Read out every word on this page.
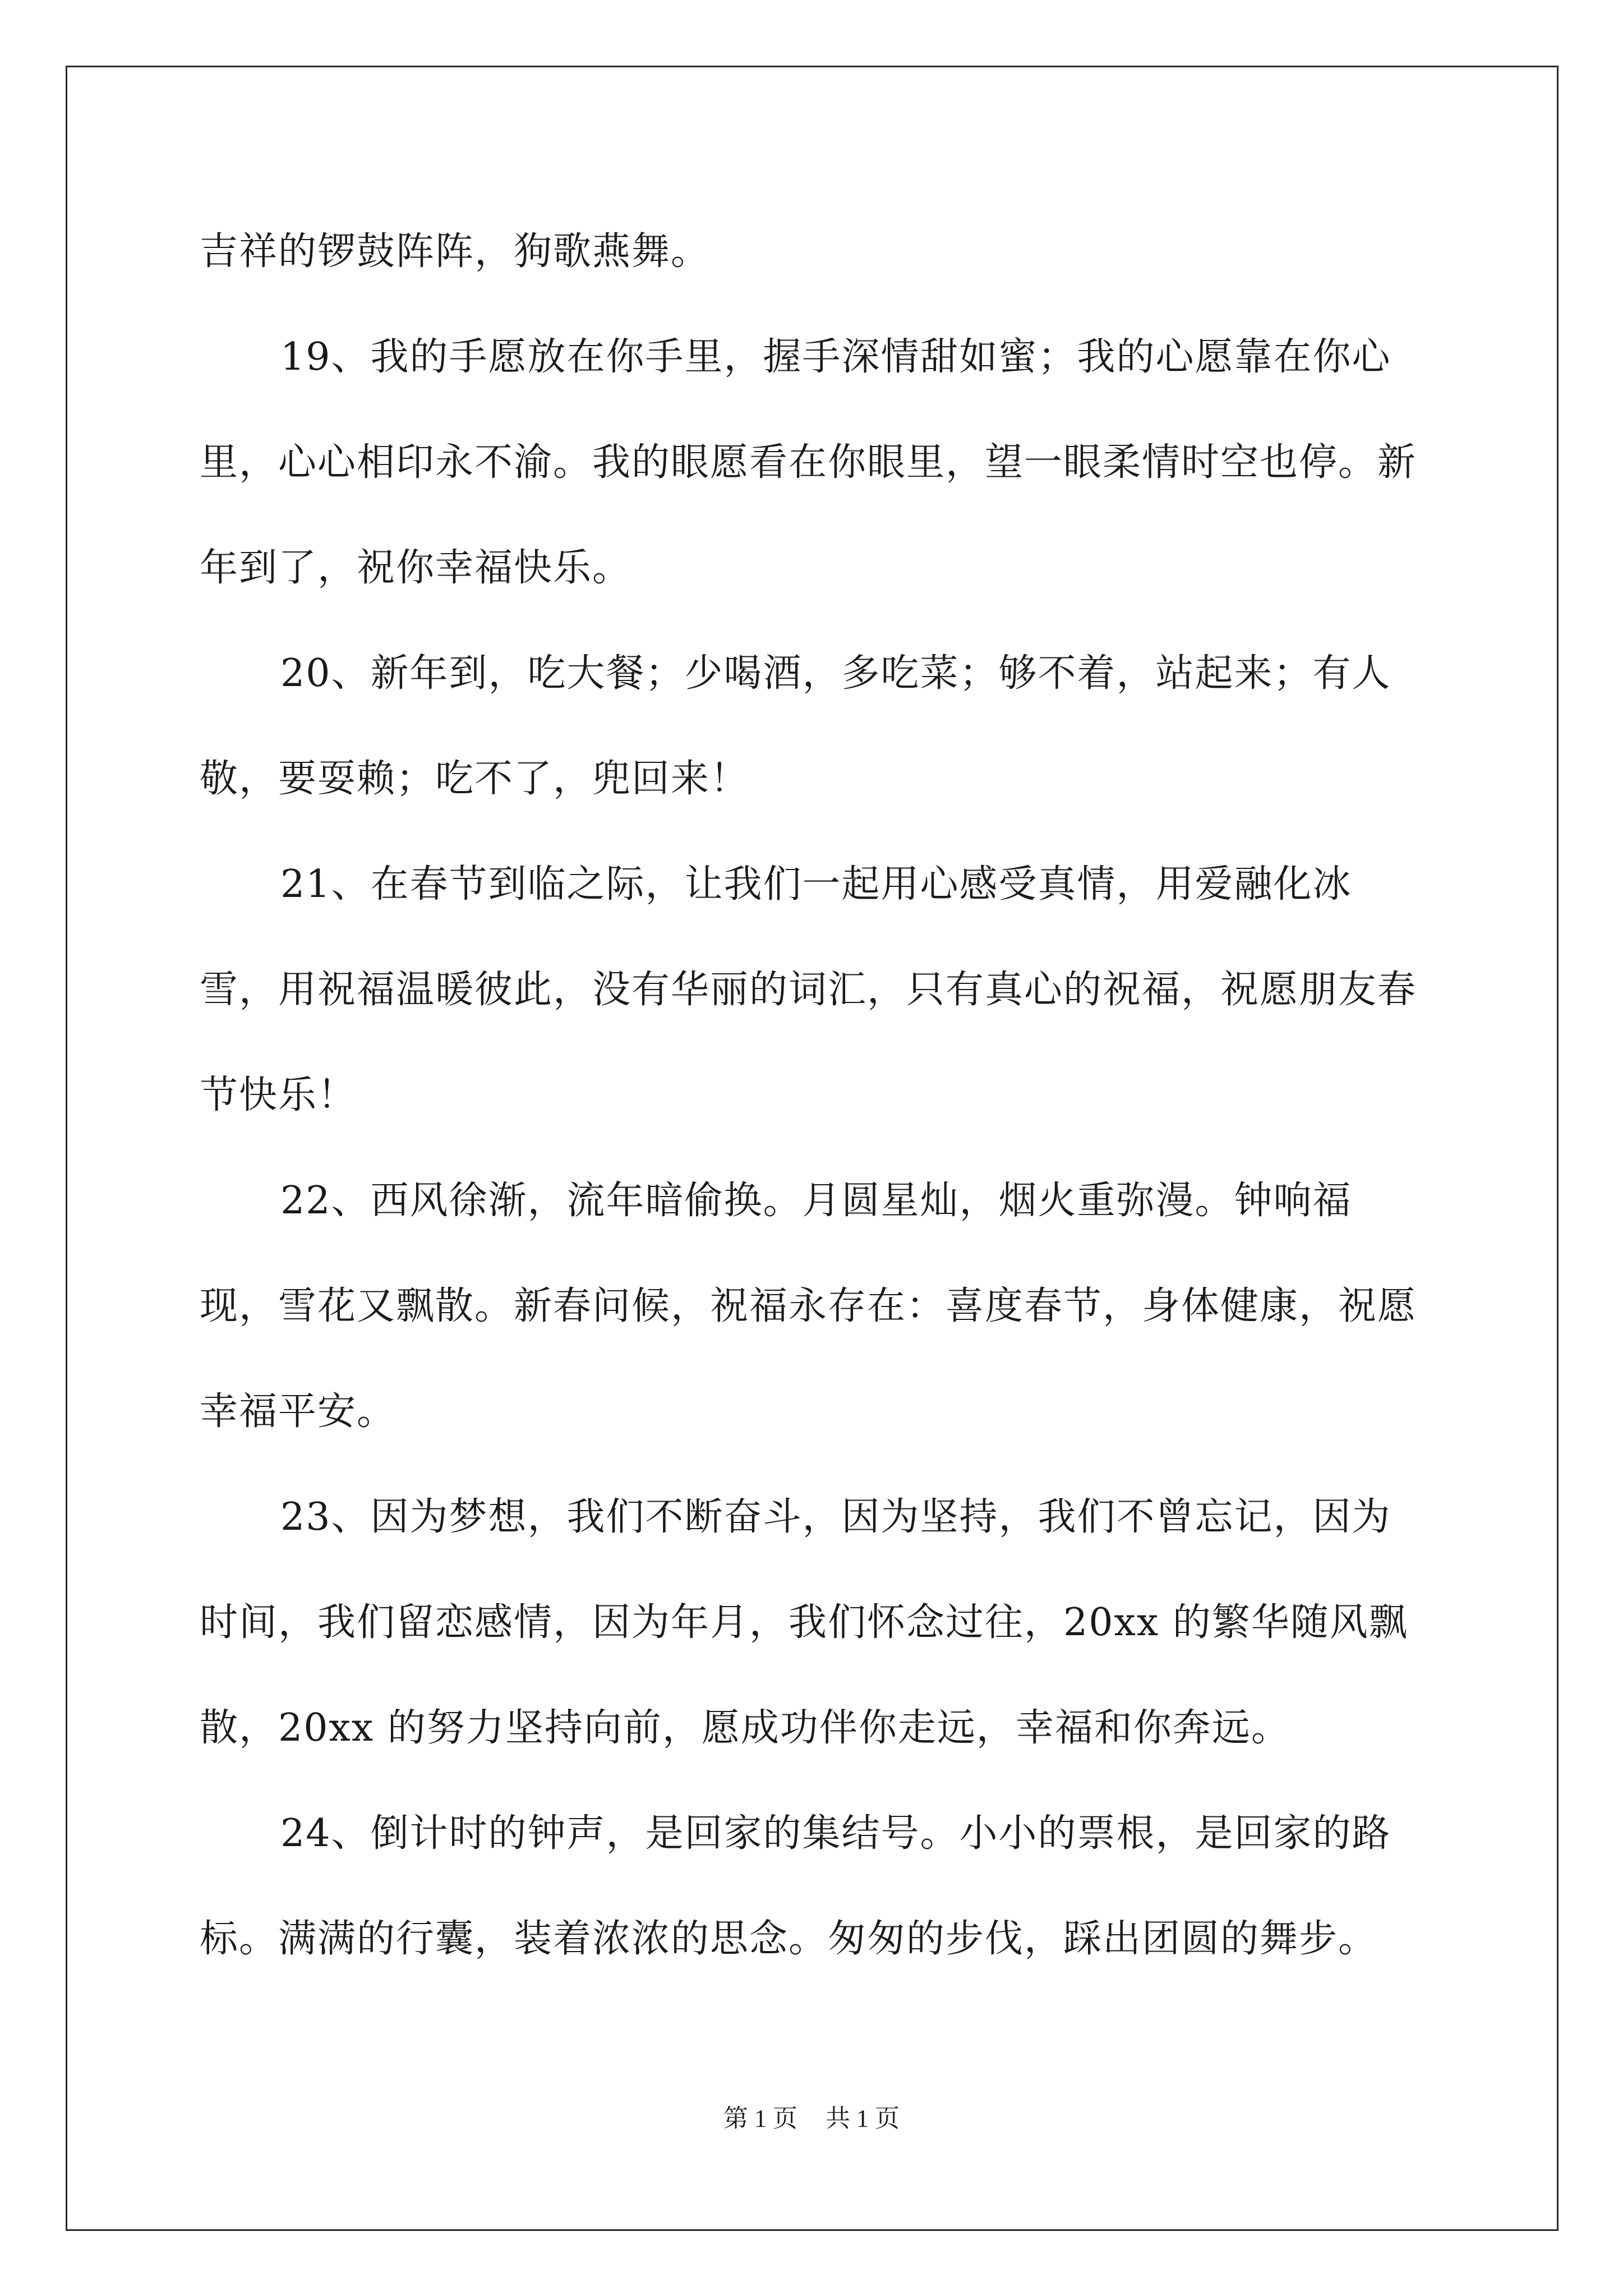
吉祥的锣鼓阵阵，狗歌燕舞。

19、我的手愿放在你手里，握手深情甜如蜜；我的心愿靠在你心里，心心相印永不渝。我的眼愿看在你眼里，望一眼柔情时空也停。新年到了，祝你幸福快乐。

20、新年到，吃大餐；少喝酒，多吃菜；够不着，站起来；有人敬，要耍赖；吃不了，兜回来！

21、在春节到临之际，让我们一起用心感受真情，用爱融化冰雪，用祝福温暖彼此，没有华丽的词汇，只有真心的祝福，祝愿朋友春节快乐！

22、西风徐渐，流年暗偷换。月圆星灿，烟火重弥漫。钟响福现，雪花又飘散。新春问候，祝福永存在：喜度春节，身体健康，祝愿幸福平安。

23、因为梦想，我们不断奋斗，因为坚持，我们不曾忘记，因为时间，我们留恋感情，因为年月，我们怀念过往，20xx 的繁华随风飘散，20xx 的努力坚持向前，愿成功伴你走远，幸福和你奔远。

24、倒计时的钟声，是回家的集结号。小小的票根，是回家的路标。满满的行囊，装着浓浓的思念。匆匆的步伐，踩出团圆的舞步。

第 1 页 共 1 页
